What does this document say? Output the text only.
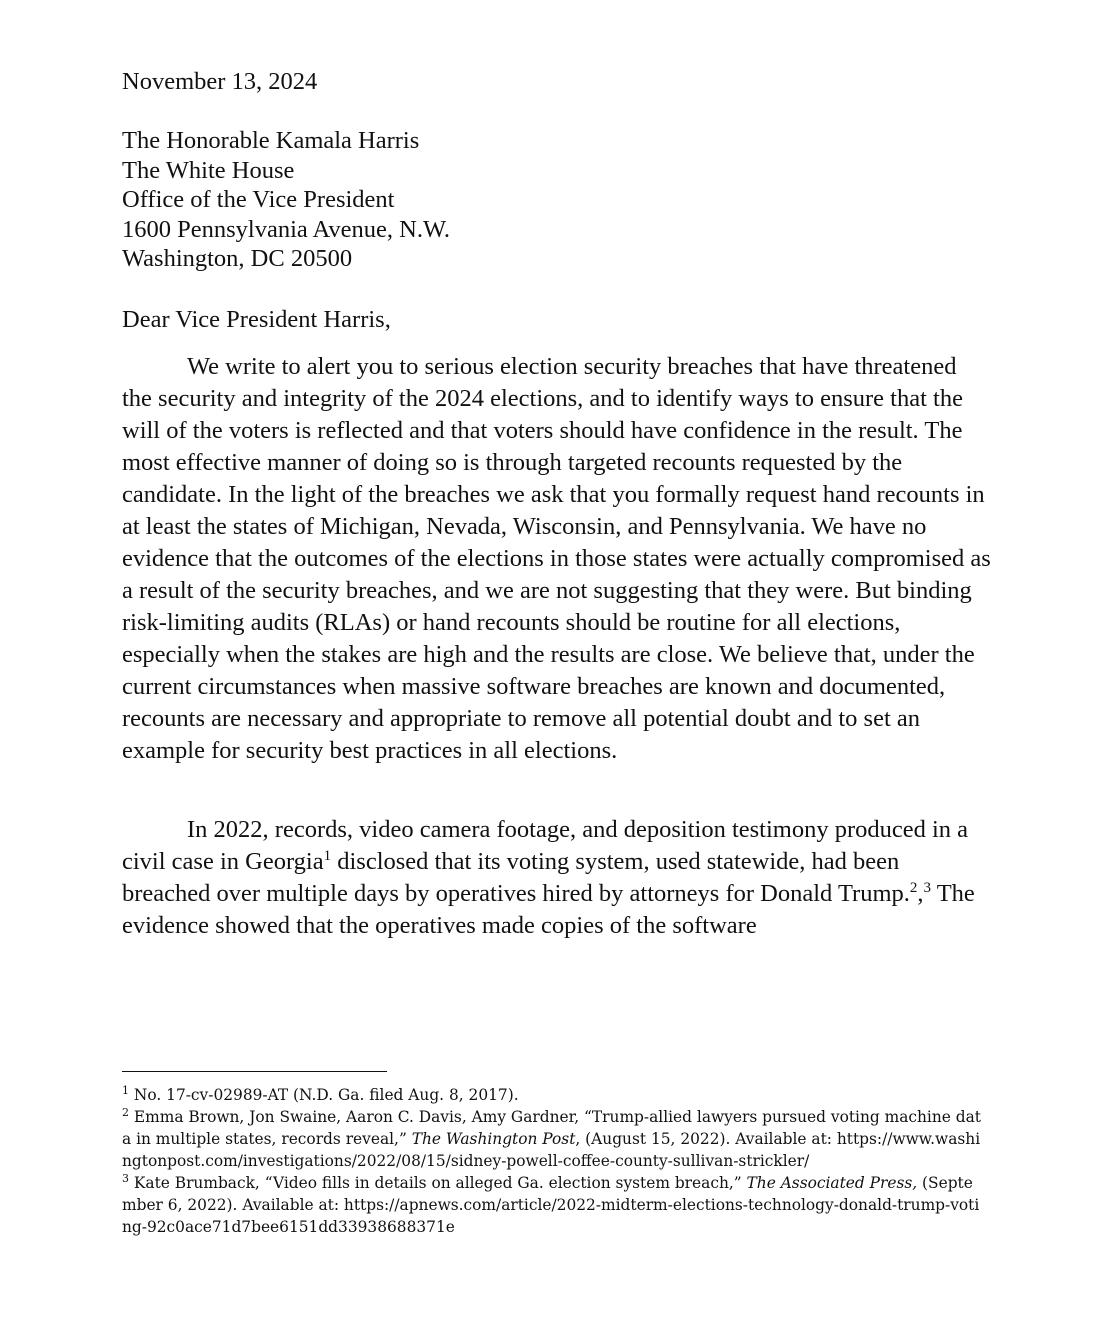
November 13, 2024
The Honorable Kamala Harris
The White House
Office of the Vice President
1600 Pennsylvania Avenue, N.W.
Washington, DC 20500
Dear Vice President Harris,

We write to alert you to serious election security breaches that have threatened the security and integrity of the 2024 elections, and to identify ways to ensure that the will of the voters is reflected and that voters should have confidence in the result. The most effective manner of doing so is through targeted recounts requested by the candidate. In the light of the breaches we ask that you formally request hand recounts in at least the states of Michigan, Nevada, Wisconsin, and Pennsylvania. We have no evidence that the outcomes of the elections in those states were actually compromised as a result of the security breaches, and we are not suggesting that they were. But binding risk-limiting audits (RLAs) or hand recounts should be routine for all elections, especially when the stakes are high and the results are close. We believe that, under the current circumstances when massive software breaches are known and documented, recounts are necessary and appropriate to remove all potential doubt and to set an example for security best practices in all elections.

In 2022, records, video camera footage, and deposition testimony produced in a civil case in Georgia$^1$ disclosed that its voting system, used statewide, had been breached over multiple days by operatives hired by attorneys for Donald Trump.$^2$,$^3$ The evidence showed that the operatives made copies of the software

$^1$ No. 17-cv-02989-AT (N.D. Ga. filed Aug. 8, 2017).

$^2$ Emma Brown, Jon Swaine, Aaron C. Davis, Amy Gardner, “Trump-allied lawyers pursued voting machine data in multiple states, records reveal,” The Washington Post, (August 15, 2022). Available at: https://www.washingtonpost.com/investigations/2022/08/15/sidney-powell-coffee-county-sullivan-strickler/

$^3$ Kate Brumback, “Video fills in details on alleged Ga. election system breach,” The Associated Press, (September 6, 2022). Available at: https://apnews.com/article/2022-midterm-elections-technology-donald-trump-voting-92c0ace71d7bee6151dd33938688371e
